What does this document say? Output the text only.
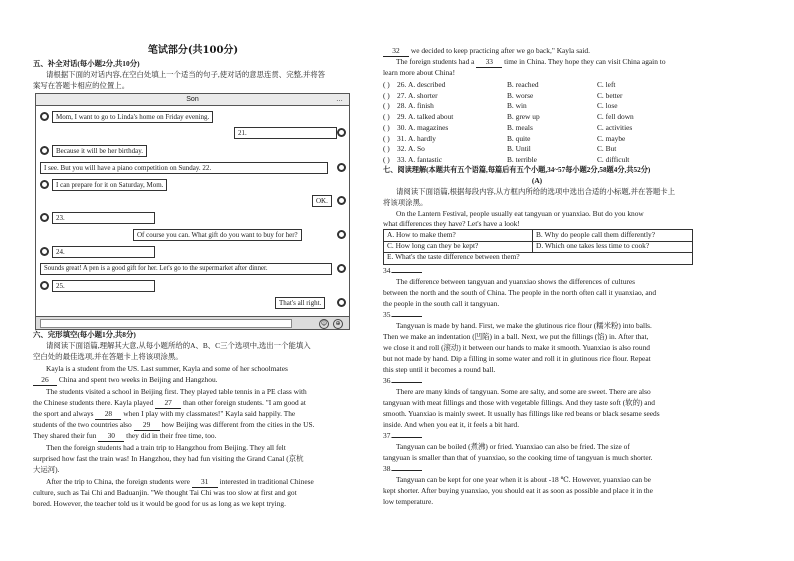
笔试部分(共100分)
五、补全对话(每小题2分,共10分)
请根据下面的对话内容,在空白处填上一个适当的句子,使对话的意思连贯、完整,并将答
案写在答题卡相应的位置上。
Son	…
Mom, I want to go to Linda's home on Friday evening.
21.
Because it will be her birthday.
I see. But you will have a piano competition on Sunday. 22.
I can prepare for it on Saturday, Mom.
OK.
23.
Of course you can. What gift do you want to buy for her?
24.
Sounds great! A pen is a good gift for her. Let's go to the supermarket after dinner.
25.
That's all right.
☺	⊕
六、完形填空(每小题1分,共8分)
请阅读下面语篇,理解其大意,从每小题所给的A、B、C三个选项中,选出一个能填入
空白处的最佳选项,并在答题卡上将该项涂黑。
Kayla is a student from the US. Last summer, Kayla and some of her schoolmates
26 China and spent two weeks in Beijing and Hangzhou.
The students visited a school in Beijing first. They played table tennis in a PE class with
the Chinese students there. Kayla played 27 than other foreign students. "I am good at
the sport and always 28 when I play with my classmates!" Kayla said happily. The
students of the two countries also 29 how Beijing was different from the cities in the US.
They shared their fun 30 they did in their free time, too.
Then the foreign students had a train trip to Hangzhou from Beijing. They all felt
surprised how fast the train was! In Hangzhou, they had fun visiting the Grand Canal (京杭
大运河).
After the trip to China, the foreign students were 31 interested in traditional Chinese
culture, such as Tai Chi and Baduanjin. "We thought Tai Chi was too slow at first and got
bored. However, the teacher told us it would be good for us as long as we kept trying.
32 we decided to keep practicing after we go back," Kayla said.
The foreign students had a 33 time in China. They hope they can visit China again to
learn more about China!
( ) 26. A. described	B. reached	C. left
( ) 27. A. shorter	B. worse	C. better
( ) 28. A. finish	B. win	C. lose
( ) 29. A. talked about	B. grew up	C. fell down
( ) 30. A. magazines	B. meals	C. activities
( ) 31. A. hardly	B. quite	C. maybe
( ) 32. A. So	B. Until	C. But
( ) 33. A. fantastic	B. terrible	C. difficult
七、阅读理解(本题共有五个语篇,每篇后有五个小题,34~57每小题2分,58题4分,共52分)
(A)
请阅读下面语篇,根据每段内容,从方框内所给的选项中选出合适的小标题,并在答题卡上
将该项涂黑。
On the Lantern Festival, people usually eat tangyuan or yuanxiao. But do you know
what differences they have? Let's have a look!
A. How to make them?	B. Why do people call them differently?
C. How long can they be kept?	D. Which one takes less time to cook?
E. What's the taste difference between them?
34.
The difference between tangyuan and yuanxiao shows the differences of cultures
between the north and the south of China. The people in the north often call it yuanxiao, and
the people in the south call it tangyuan.
35.
Tangyuan is made by hand. First, we make the glutinous rice flour (糯米粉) into balls.
Then we make an indentation (凹陷) in a ball. Next, we put the fillings (馅) in. After that,
we close it and roll (滚动) it between our hands to make it smooth. Yuanxiao is also round
but not made by hand. Dip a filling in some water and roll it in glutinous rice flour. Repeat
this step until it becomes a round ball.
36.
There are many kinds of tangyuan. Some are salty, and some are sweet. There are also
tangyuan with meat fillings and those with vegetable fillings. And they taste soft (软的) and
smooth. Yuanxiao is mainly sweet. It usually has fillings like red beans or black sesame seeds
inside. And when you eat it, it feels a bit hard.
37.
Tangyuan can be boiled (煮沸) or fried. Yuanxiao can also be fried. The size of
tangyuan is smaller than that of yuanxiao, so the cooking time of tangyuan is much shorter.
38.
Tangyuan can be kept for one year when it is about -18 ℃. However, yuanxiao can be
kept shorter. After buying yuanxiao, you should eat it as soon as possible and place it in the
low temperature.
